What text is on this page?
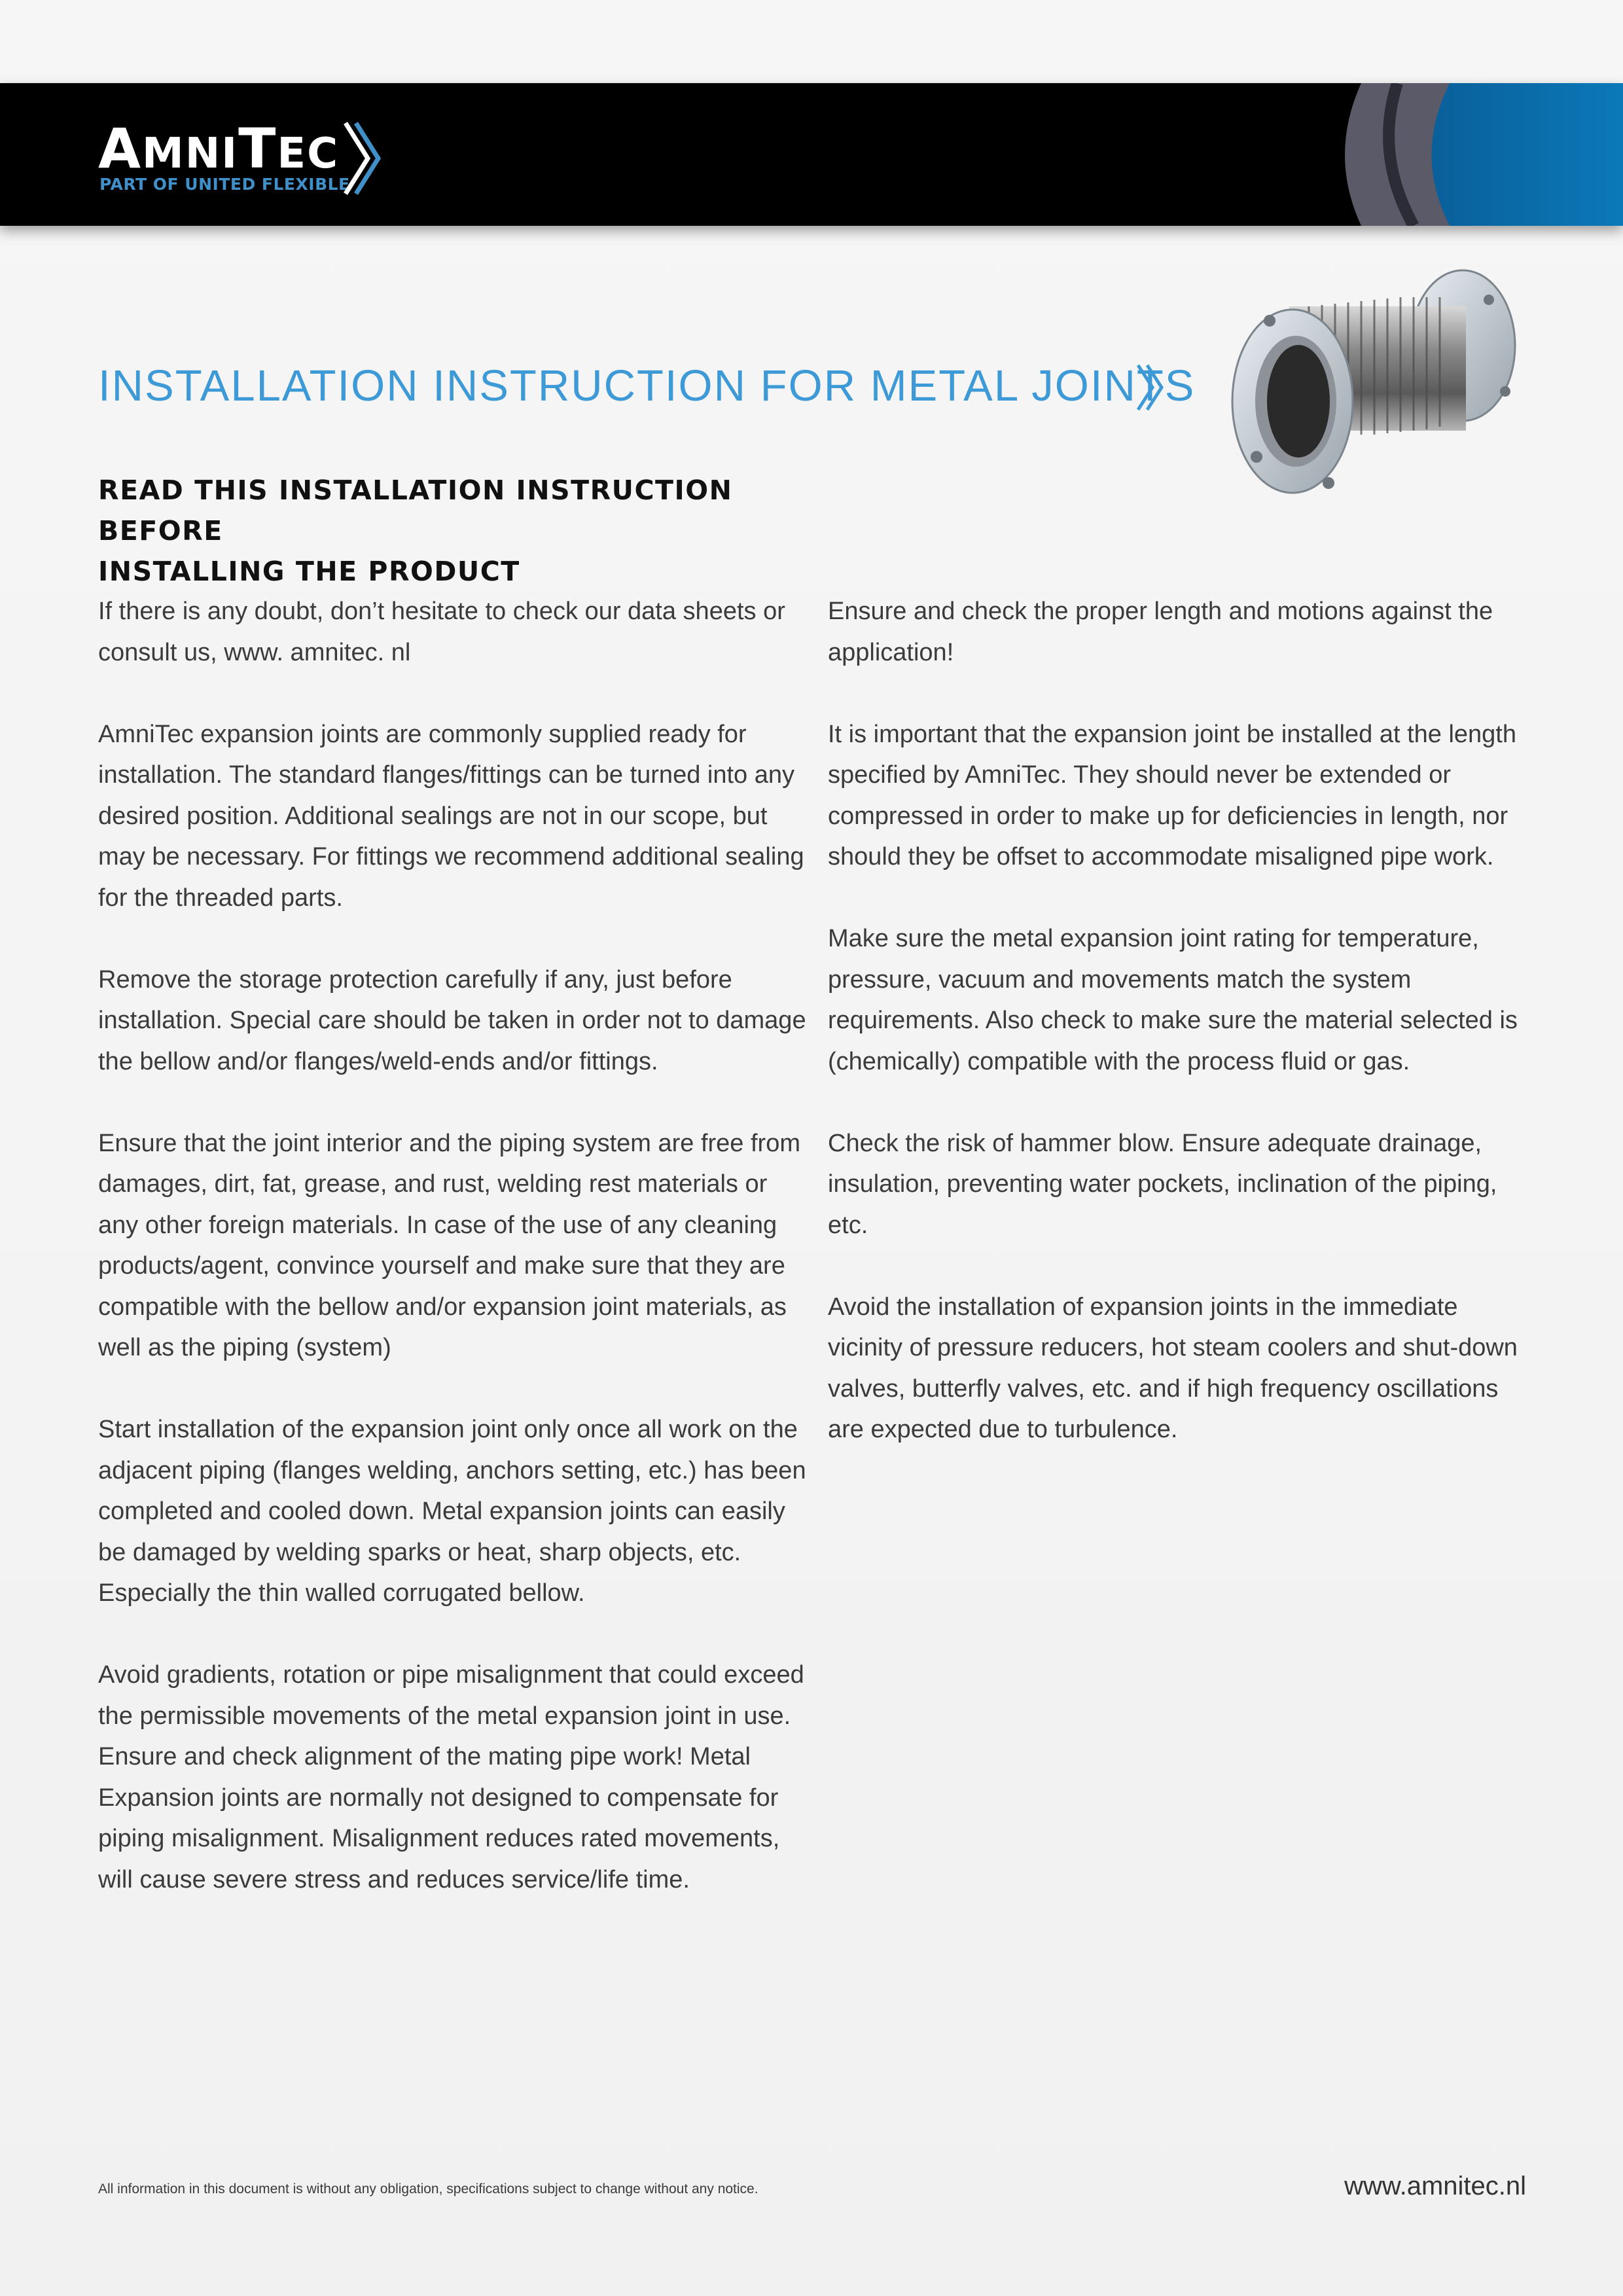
AMNITEC
PART OF UNITED FLEXIBLE
INSTALLATION INSTRUCTION FOR METAL JOINTS
READ THIS INSTALLATION INSTRUCTION BEFORE
INSTALLING THE PRODUCT

If there is any doubt, don’t hesitate to check our data sheets or consult us, www. amnitec. nl

AmniTec expansion joints are commonly supplied ready for installation. The standard flanges/fittings can be turned into any desired position. Additional sealings are not in our scope, but may be necessary. For fittings we recommend additional sealing for the threaded parts.

Remove the storage protection carefully if any, just before installation. Special care should be taken in order not to damage the bellow and/or flanges/weld-ends and/or fittings.

Ensure that the joint interior and the piping system are free from damages, dirt, fat, grease, and rust, welding rest materials or any other foreign materials. In case of the use of any cleaning products/agent, convince yourself and make sure that they are compatible with the bellow and/or expansion joint materials, as well as the piping (system)

Start installation of the expansion joint only once all work on the adjacent piping (flanges welding, anchors setting, etc.) has been completed and cooled down. Metal expansion joints can easily be damaged by welding sparks or heat, sharp objects, etc. Especially the thin walled corrugated bellow.

Avoid gradients, rotation or pipe misalignment that could exceed the permissible movements of the metal expansion joint in use. Ensure and check alignment of the mating pipe work! Metal Expansion joints are normally not designed to compensate for piping misalignment. Misalignment reduces rated movements, will cause severe stress and reduces service/life time.

Ensure and check the proper length and motions against the application!

It is important that the expansion joint be installed at the length specified by AmniTec. They should never be extended or compressed in order to make up for deficiencies in length, nor should they be offset to accommodate misaligned pipe work.

Make sure the metal expansion joint rating for temperature, pressure, vacuum and movements match the system requirements. Also check to make sure the material selected is (chemically) compatible with the process fluid or gas.

Check the risk of hammer blow. Ensure adequate drainage, insulation, preventing water pockets, inclination of the piping, etc.

Avoid the installation of expansion joints in the immediate vicinity of pressure reducers, hot steam coolers and shut-down valves, butterfly valves, etc. and if high frequency oscillations are expected due to turbulence.

All information in this document is without any obligation, specifications subject to change without any notice.	www.amnitec.nl
